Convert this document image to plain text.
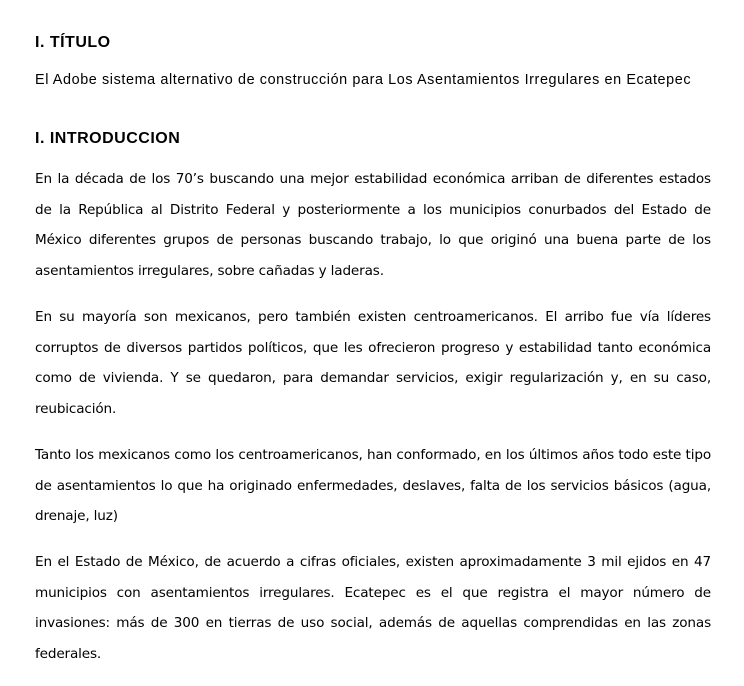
I. TÍTULO

El Adobe sistema alternativo de construcción para Los Asentamientos Irregulares en Ecatepec

I. INTRODUCCION

En la década de los 70’s buscando una mejor estabilidad económica arriban de diferentes estados de la República al Distrito Federal y posteriormente a los municipios conurbados del Estado de México diferentes grupos de personas buscando trabajo, lo que originó una buena parte de los asentamientos irregulares, sobre cañadas y laderas.

En su mayoría son mexicanos, pero también existen centroamericanos. El arribo fue vía líderes corruptos de diversos partidos políticos, que les ofrecieron progreso y estabilidad tanto económica como de vivienda. Y se quedaron, para demandar servicios, exigir regularización y, en su caso, reubicación.

Tanto los mexicanos como los centroamericanos, han conformado, en los últimos años todo este tipo de asentamientos lo que ha originado enfermedades, deslaves, falta de los servicios básicos (agua, drenaje, luz)

En el Estado de México, de acuerdo a cifras oficiales, existen aproximadamente 3 mil ejidos en 47 municipios con asentamientos irregulares. Ecatepec es el que registra el mayor número de invasiones: más de 300 en tierras de uso social, además de aquellas comprendidas en las zonas federales.
